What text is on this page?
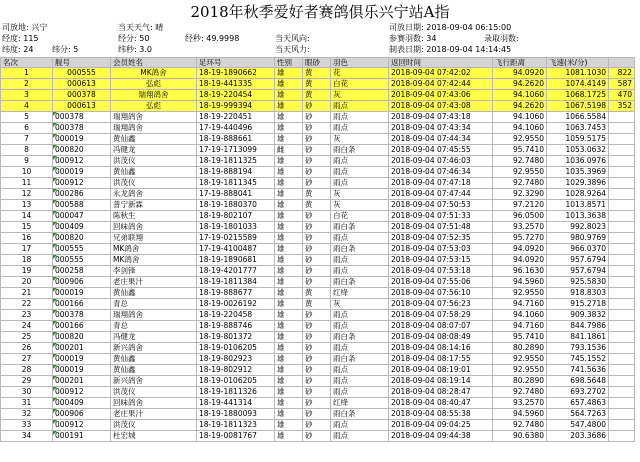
2018年秋季爱好者赛鸽俱乐兴宁站A指
司放地: 兴宁	当天天气: 晴	司放日期: 2018-09-04 06:15:00
经度: 115	经分: 50	经秒: 49.9998	当天风向:	参赛羽数: 34	录取羽数:
纬度: 24 纬分: 5	纬秒: 3.0	当天风力:	制表日期: 2018-09-04 14:14:45
名次	舰号	会员姓名	足环号	性别	眼砂	羽色	返回时间	飞行距离	飞速(米/分)	
1	000555	MK鸽舍	18-19-1890662	雄	黄	花	2018-09-04 07:42:02	94.0920	1081.1030	822
2	000613	弘彪	18-19-441335	雄	黄	白花	2018-09-04 07:42:44	94.2620	1074.4149	587
3	000378	瑞翔鸽舍	18-19-220454	雄	黄	灰	2018-09-04 07:43:06	94.1060	1068.1725	470
4	000613	弘彪	18-19-999394	雄	砂	雨点	2018-09-04 07:43:08	94.2620	1067.5198	352
5	000378	瑞翔鸽舍	18-19-220451	雄	砂	雨点	2018-09-04 07:43:18	94.1060	1066.5584	
6	000378	瑞翔鸽舍	17-19-440496	雄	砂	雨点	2018-09-04 07:43:34	94.1060	1063.7453	
7	000019	黄仙鑫	18-19-888661	雄	砂	灰	2018-09-04 07:44:34	92.9550	1059.5175	
8	000820	冯健龙	17-19-1713099	雌	砂	雨白条	2018-09-04 07:45:55	95.7410	1053.0632	
9	000912	洪茂仪	18-19-1811325	雄	砂	雨点	2018-09-04 07:46:03	92.7480	1036.0976	
10	000019	黄仙鑫	18-19-888194	雄	砂	雨点	2018-09-04 07:46:34	92.9550	1035.3969	
11	000912	洪茂仪	18-19-1811345	雄	砂	雨点	2018-09-04 07:47:18	92.7480	1029.3896	
12	000286	永龙鸽舍	17-19-888041	雄	黄	灰	2018-09-04 07:47:44	92.3290	1028.9264	
13	000588	普宁新霖	18-19-1880370	雄	黄	灰	2018-09-04 07:50:53	97.2120	1013.8571	
14	000047	陈秋生	18-19-802107	雄	砂	白花	2018-09-04 07:51:33	96.0500	1013.3638	
15	000409	回味鸽舍	18-19-1801033	雄	砂	雨白条	2018-09-04 07:51:48	93.2570	992.8023	
16	000820	兄弟联翔	17-19-0215589	雄	砂	雨点	2018-09-04 07:52:35	95.7270	980.9769	
17	000555	MK鸽舍	17-19-4100487	雄	砂	雨白条	2018-09-04 07:53:03	94.0920	966.0370	
18	000555	MK鸽舍	18-19-1890681	雄	砂	雨点	2018-09-04 07:53:15	94.0920	957.6794	
19	000258	李剑锋	18-19-4201777	雄	砂	雨点	2018-09-04 07:53:18	96.1630	957.6794	
20	000906	老庄果汁	18-19-1811384	雄	砂	雨白条	2018-09-04 07:55:06	94.5960	925.5830	
21	000019	黄仙鑫	18-19-888677	雄	黄	红绛	2018-09-04 07:56:10	92.9550	918.8303	
22	000166	青总	18-19-0026192	雄	黄	灰	2018-09-04 07:56:23	94.7160	915.2718	
23	000378	瑞翔鸽舍	18-19-220458	雄	砂	雨点	2018-09-04 07:58:29	94.1060	909.3832	
24	000166	青总	18-19-888746	雄	砂	雨点	2018-09-04 08:07:07	94.7160	844.7986	
25	000820	冯健龙	18-19-801372	雄	砂	雨白条	2018-09-04 08:08:49	95.7410	841.1861	
26	000201	新兴鸽舍	18-19-0106205	雄	砂	雨点	2018-09-04 08:14:16	80.2890	793.1536	
27	000019	黄仙鑫	18-19-802923	雄	砂	雨白条	2018-09-04 08:17:55	92.9550	745.1552	
28	000019	黄仙鑫	18-19-802912	雄	砂	雨点	2018-09-04 08:19:01	92.9550	741.5636	
29	000201	新兴鸽舍	18-19-0106205	雄	砂	雨点	2018-09-04 08:19:14	80.2890	698.5648	
30	000912	洪茂仪	18-19-1811326	雄	砂	雨点	2018-09-04 08:28:47	92.7480	693.2702	
31	000409	回味鸽舍	18-19-441314	雄	砂	红绛	2018-09-04 08:40:47	93.2570	657.4863	
32	000906	老庄果汁	18-19-1880093	雄	砂	雨白条	2018-09-04 08:55:38	94.5960	564.7263	
33	000912	洪茂仪	18-19-1811323	雄	砂	雨点	2018-09-04 09:04:25	92.7480	547.4800	
34	000191	杜宏城	18-19-0081767	雄	砂	雨点	2018-09-04 09:44:38	90.6380	203.3686	
